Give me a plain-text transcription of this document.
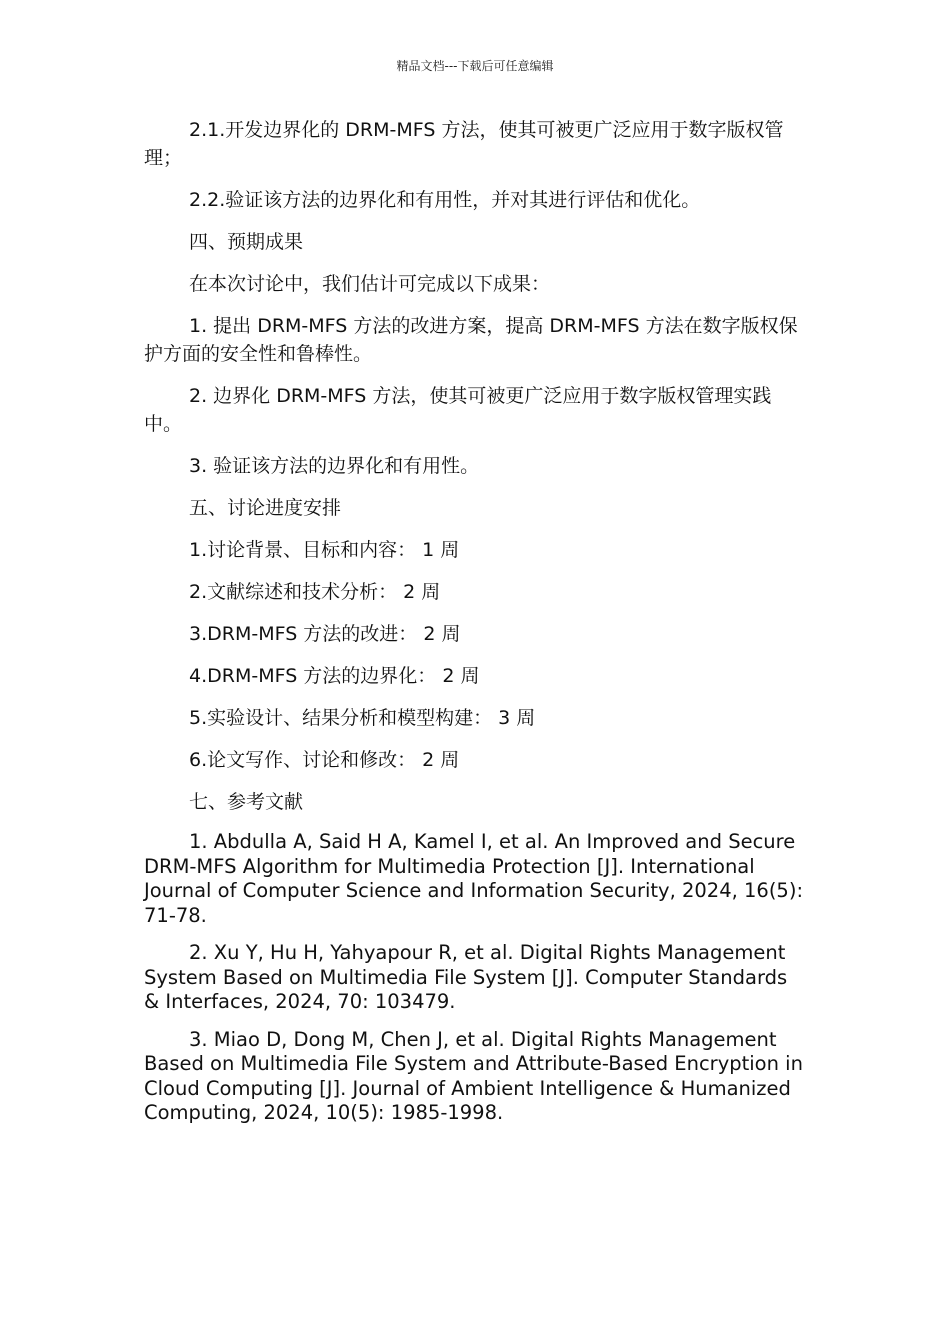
精品文档---下载后可任意编辑

2.1.开发边界化的 DRM-MFS 方法，使其可被更广泛应用于数字版权管理；

2.2.验证该方法的边界化和有用性，并对其进行评估和优化。

四、预期成果

在本次讨论中，我们估计可完成以下成果：

1. 提出 DRM-MFS 方法的改进方案，提高 DRM-MFS 方法在数字版权保护方面的安全性和鲁棒性。

2. 边界化 DRM-MFS 方法，使其可被更广泛应用于数字版权管理实践中。

3. 验证该方法的边界化和有用性。

五、讨论进度安排

1.讨论背景、目标和内容： 1 周

2.文献综述和技术分析： 2 周

3.DRM-MFS 方法的改进： 2 周

4.DRM-MFS 方法的边界化： 2 周

5.实验设计、结果分析和模型构建： 3 周

6.论文写作、讨论和修改： 2 周

七、参考文献

1. Abdulla A, Said H A, Kamel I, et al. An Improved and Secure DRM-MFS Algorithm for Multimedia Protection [J]. International Journal of Computer Science and Information Security, 2024, 16(5): 71-78.

2. Xu Y, Hu H, Yahyapour R, et al. Digital Rights Management System Based on Multimedia File System [J]. Computer Standards & Interfaces, 2024, 70: 103479.

3. Miao D, Dong M, Chen J, et al. Digital Rights Management Based on Multimedia File System and Attribute-Based Encryption in Cloud Computing [J]. Journal of Ambient Intelligence & Humanized Computing, 2024, 10(5): 1985-1998.
